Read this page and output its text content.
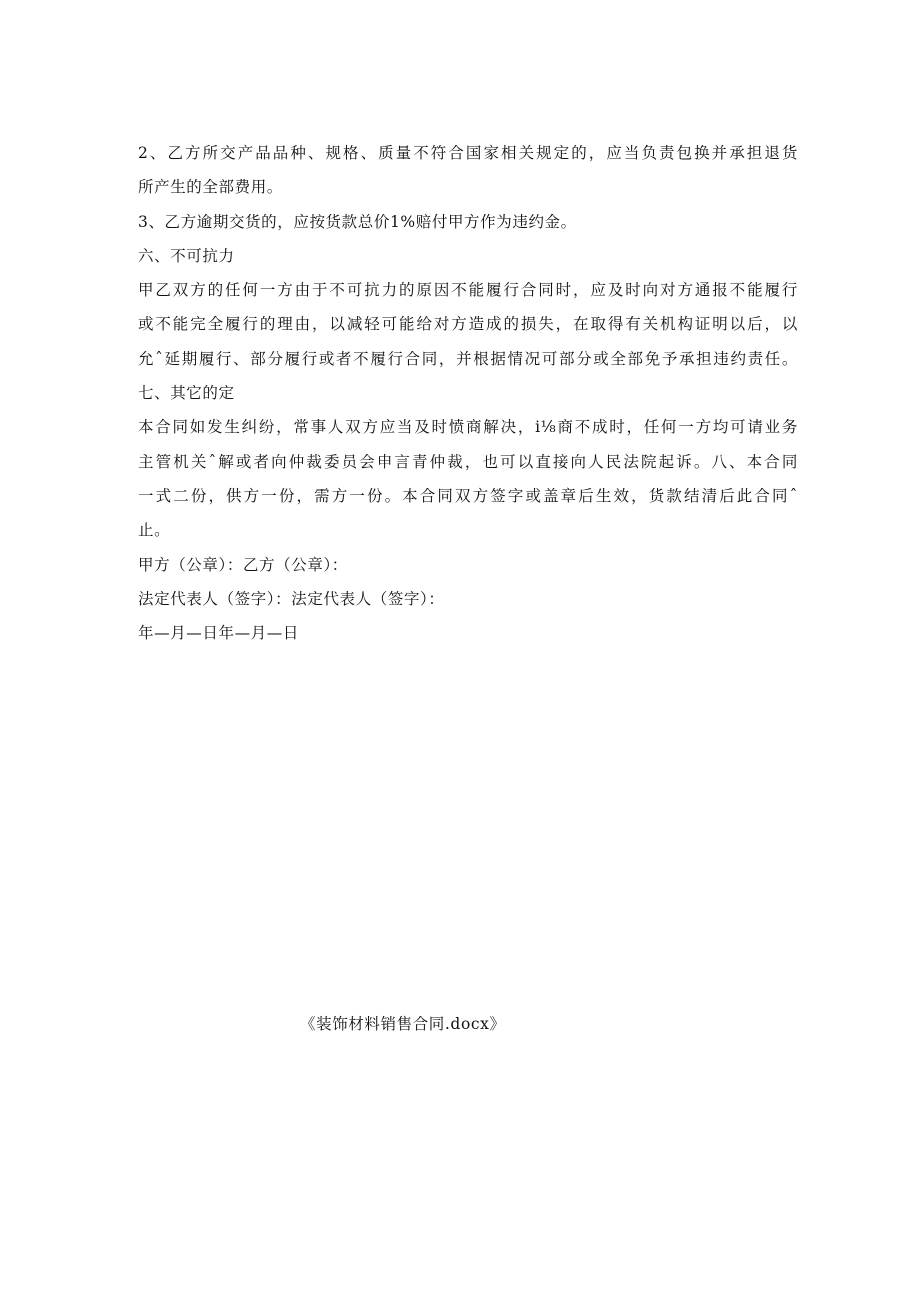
2、乙方所交产品品种、规格、质量不符合国家相关规定的，应当负责包换并承担退货
所产生的全部费用。
3、乙方逾期交货的，应按货款总价1%赔付甲方作为违约金。
六、不可抗力
甲乙双方的任何一方由于不可抗力的原因不能履行合同时，应及时向对方通报不能履行
或不能完全履行的理由，以减轻可能给对方造成的损失，在取得有关机构证明以后，以
允ˆ延期履行、部分履行或者不履行合同，并根据情况可部分或全部免予承担违约责任。
七、其它的定
本合同如发生纠纷，常事人双方应当及时愤商解决，i⅛商不成时，任何一方均可请业务
主管机关ˆ解或者向仲裁委员会申言青仲裁，也可以直接向人民法院起诉。八、本合同
一式二份，供方一份，需方一份。本合同双方签字或盖章后生效，货款结清后此合同ˆ
止。
甲方（公章）：乙方（公章）：
法定代表人（签字）：法定代表人（签字）：
年—月—日年—月—日
《装饰材料销售合同.docx》
